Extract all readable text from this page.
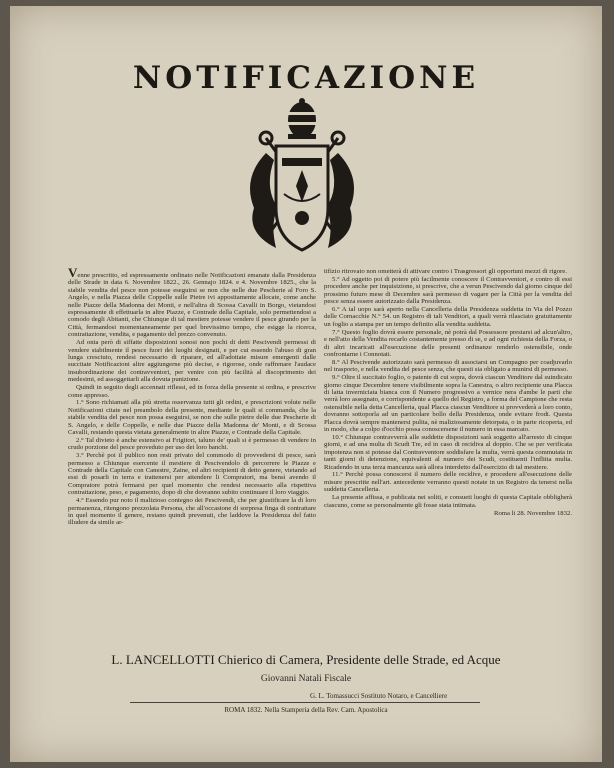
NOTIFICAZIONE

Venne prescritto, ed espressamente ordinato nelle Notificazioni emanate dalla Presidenza delle Strade in data 6. Novembre 1822., 26. Gennajo 1824. e 4. Novembre 1825., che la stabile vendita del pesce non potesse eseguirsi se non che nelle due Pescherie al Foro S. Angelo, e nella Piazza delle Coppelle sulle Pietre ivi appositamente allocate, come anche nelle Piazze della Madonna dei Monti, e nell'altra di Scossa Cavalli in Borgo, vietandosi espressamente di effettuarla in altre Piazze, e Contrade della Capitale, solo permettendosi a comodo degli Abitanti, che Chiunque di tal mestiere potesse vendere il pesce girando per la Città, fermandosi momentaneamente per quel brevissimo tempo, che esigge la ricerca, contrattazione, vendita, e pagamento del prezzo convenuto.

Ad onta però di siffatte disposizioni sonosi non pochi di detti Pescivendi permessi di vendere stabilmente il pesce fuori dei luoghi designati, e per cui essendo l'abuso di gran lunga cresciuto, rendesi necessario di riparare, ed all'adottate misure emergenti dalle succitate Notificazioni altre aggiungerne più decise, e rigorose, onde raffrenare l'audace insubordinazione dei contravventori, per venire con più facilità al discoprimento dei medesimi, ed assoggettarli alla dovuta punizione.

Quindi in seguito degli accennati riflessi, ed in forza della presente si ordina, e prescrive come appresso.

1.° Sono richiamati alla più stretta osservanza tutti gli ordini, e prescrizioni volute nelle Notificazioni citate nel preambolo della presente, mediante le quali si commanda, che la stabile vendita del pesce non possa eseguirsi, se non che sulle pietre delle due Pescherie di S. Angelo, e delle Coppelle, e nelle due Piazze della Madonna de' Monti, e di Scossa Cavalli, restando questa vietata generalmente in altre Piazze, e Contrade della Capitale.

2.° Tal divieto è anche estensivo ai Frigitori, taluno de' quali si è permesso di vendere in crudo porzione del pesce proveduto per uso dei loro banchi.

3.° Perchè poi il publico non resti privato del commodo di provvedersi di pesce, sarà permesso a Chiunque esercente il mestiere di Pescivendolo di percorrere le Piazze e Contrade della Capitale con Canestre, Zaine, ed altri recipienti di detto genere, vietando ad essi di posarli in terra e trattenersi per attendere li Compratori, ma bensì avendo il Compratore potrà fermarsi per quel momento che rendesi necessario alla rispettiva contrattazione, peso, e pagamento, dopo di che dovranno subito continuare il loro viaggio.

4.° Essendo pur noto il malizioso contegno dei Pescivendi, che per giustificare la di loro permanenza, ritengono prezzolata Persona, che all'occasione di sorpresa finga di contrattare in quel momento il genere, restano quindi prevenuti, che laddove la Presidenza del fatto illudere da simile ar-

tifizio ritrovato non ometterà di attivare contro i Trasgressori gli opportuni mezzi di rigore.

5.° Ad oggetto poi di potere più facilmente conoscere il Contravventori, e contro di essi procedere anche per inquisizione, si prescrive, che a verun Pescivendo dal giorno cinque del prossimo futuro mese di Decembre sarà permesso di vagare per la Città per la vendita del pesce senza essere autorizzato dalla Presidenza.

6.° A tal uopo sarà aperto nella Cancelleria della Presidenza suddetta in Via del Pozzo delle Cornacchie N.° 54. un Registro di tali Venditori, a quali verrà rilasciato gratuitamente un foglio a stampa per un tempo definito alla vendita suddetta.

7.° Questo foglio dovrà essere personale, nè potrà dal Possessore prestarsi ad alcun'altro, e nell'atto della Vendita recarlo costantemente presso di se, e ad ogni richiesta della Forza, o di altri incaricati all'esecuzione delle presenti ordinanze renderlo ostensibile, onde confrontarne i Connotati.

8.° Al Pescivende autorizzato sarà permesso di associarsi un Compagno per coadjuvarlo nel trasporto, e nella vendita del pesce senza, che questi sia obligato a munirsi di permesso.

9.° Oltre il succitato foglio, o patente di cui sopra, dovrà ciascun Venditore dal suindicato giorno cinque Decembre tenere visibilmente sopra la Canestra, o altro recipiente una Placca di latta inverniciata bianca con il Numero progressivo a vernice nera d'ambe le parti che verrà loro assegnato, e corrispondente a quello del Registro, a forma del Campione che resta ostensibile nella detta Cancelleria, qual Placca ciascun Venditore si provvederà a loro conto, dovranno sottoporla ad un particolare bollo della Presidenza, onde evitare frodi. Questa Placca dovrà sempre mantenersi pulita, nè maliziosamente detorpata, o in parte ricoperta, ed in modo, che a colpo d'occhio possa conoscersene il numero in essa marcato.

10.° Chiunque contravverrà alle suddette disposizioni sarà soggetto all'arresto di cinque giorni, e ad una multa di Scudi Tre, ed in caso di recidiva al doppio. Che se per verificata impotenza non si potesse dal Contravventore soddisfare la multa, verrà questa commutata in tanti giorni di detenzione, equivalenti al numero dei Scudi, costituenti l'inflitta multa. Ricadendo in una terza mancanza sarà allora interdetto dall'esercizio di tal mestiere.

11.° Perchè possa conoscersi il numero delle recidive, e procedere all'esecuzione delle misure prescritte nell'art. antecedente verranno questi notate in un Registro da tenersi nella suddetta Cancelleria.

La presente affissa, e publicata nei soliti, e consueti luoghi di questa Capitale obbligherà ciascuno, come se personalmente gli fosse stata intimata.

Roma li 28. Novembre 1832.

L. LANCELLOTTI Chierico di Camera, Presidente delle Strade, ed Acque
Giovanni Natali Fiscale
G. L. Tomassucci Sostituto Notaro, e Cancelliere
ROMA 1832. Nella Stamperia della Rev. Cam. Apostolica
